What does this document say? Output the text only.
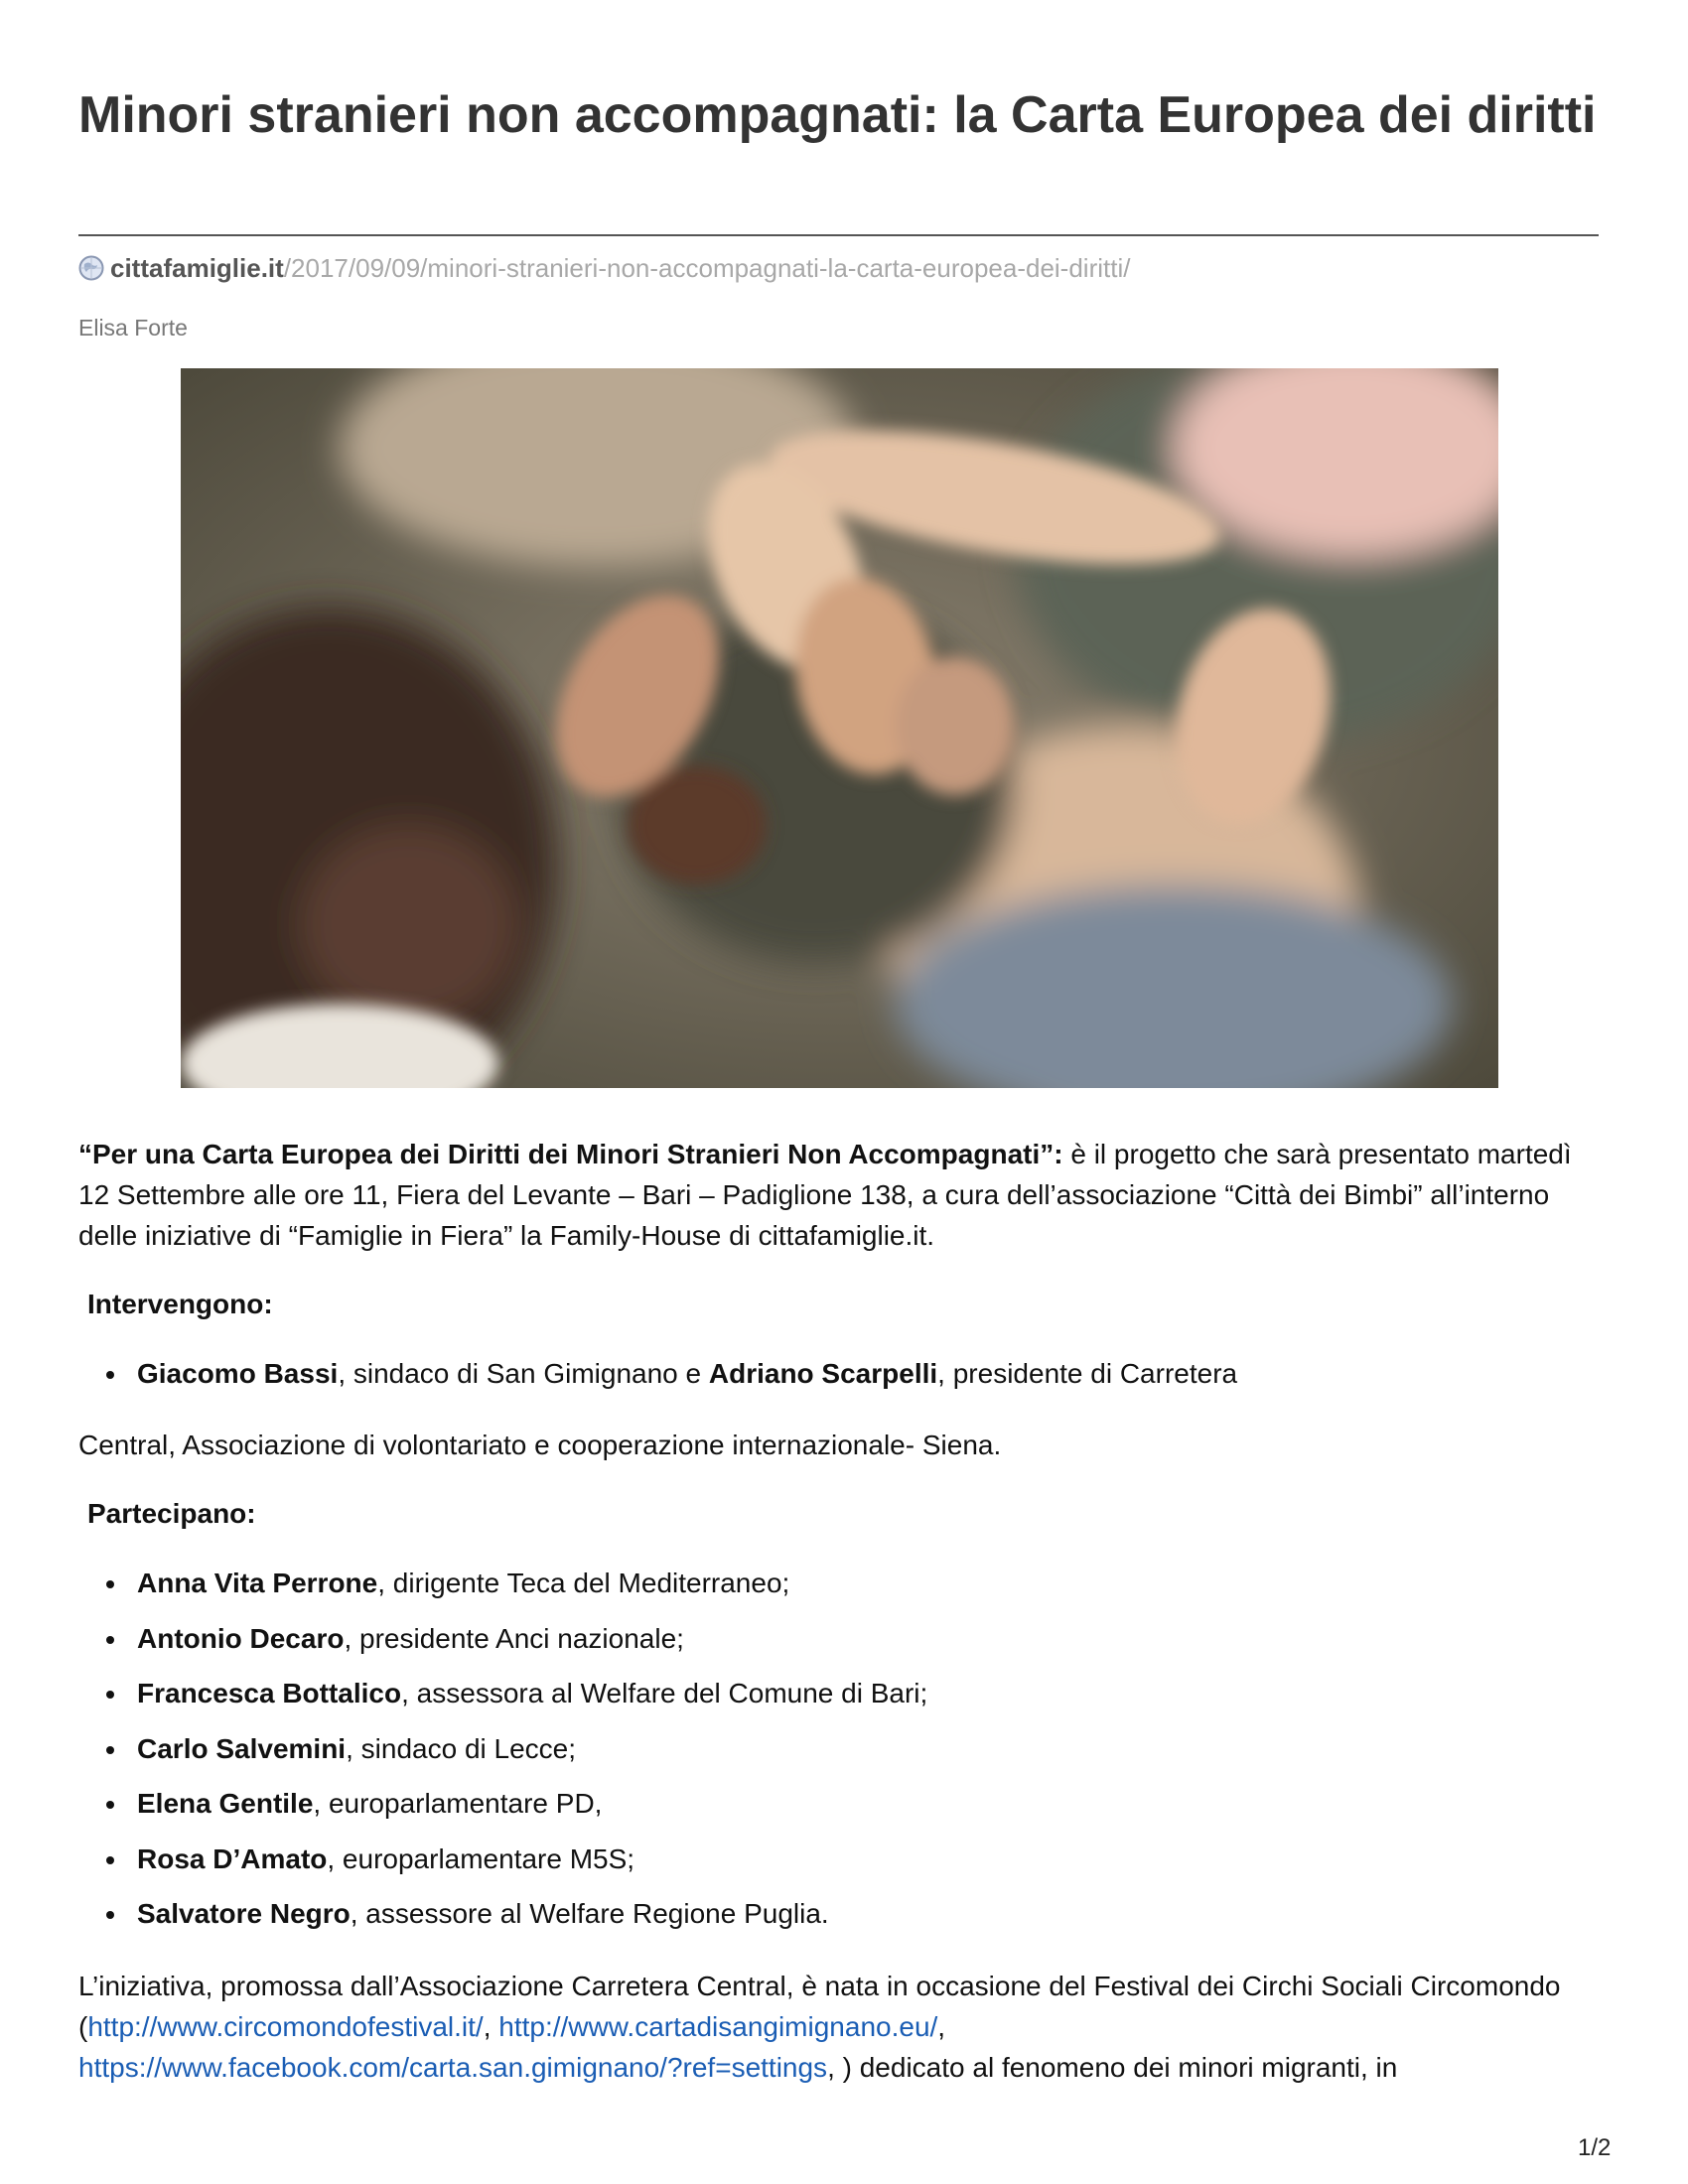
Minori stranieri non accompagnati: la Carta Europea dei diritti
cittafamiglie.it/2017/09/09/minori-stranieri-non-accompagnati-la-carta-europea-dei-diritti/
Elisa Forte
“Per una Carta Europea dei Diritti dei Minori Stranieri Non Accompagnati”: è il progetto che sarà presentato martedì 12 Settembre alle ore 11, Fiera del Levante – Bari – Padiglione 138, a cura dell’associazione “Città dei Bimbi” all’interno delle iniziative di “Famiglie in Fiera” la Family-House di cittafamiglie.it.
Intervengono:
Giacomo Bassi, sindaco di San Gimignano e Adriano Scarpelli, presidente di Carretera
Central, Associazione di volontariato e cooperazione internazionale- Siena.
Partecipano:
Anna Vita Perrone, dirigente Teca del Mediterraneo;
Antonio Decaro, presidente Anci nazionale;
Francesca Bottalico, assessora al Welfare del Comune di Bari;
Carlo Salvemini, sindaco di Lecce;
Elena Gentile, europarlamentare PD,
Rosa D’Amato, europarlamentare M5S;
Salvatore Negro, assessore al Welfare Regione Puglia.
L’iniziativa, promossa dall’Associazione Carretera Central, è nata in occasione del Festival dei Circhi Sociali Circomondo (http://www.circomondofestival.it/, http://www.cartadisangimignano.eu/,
https://www.facebook.com/carta.san.gimignano/?ref=settings, ) dedicato al fenomeno dei minori migranti, in
1/2
